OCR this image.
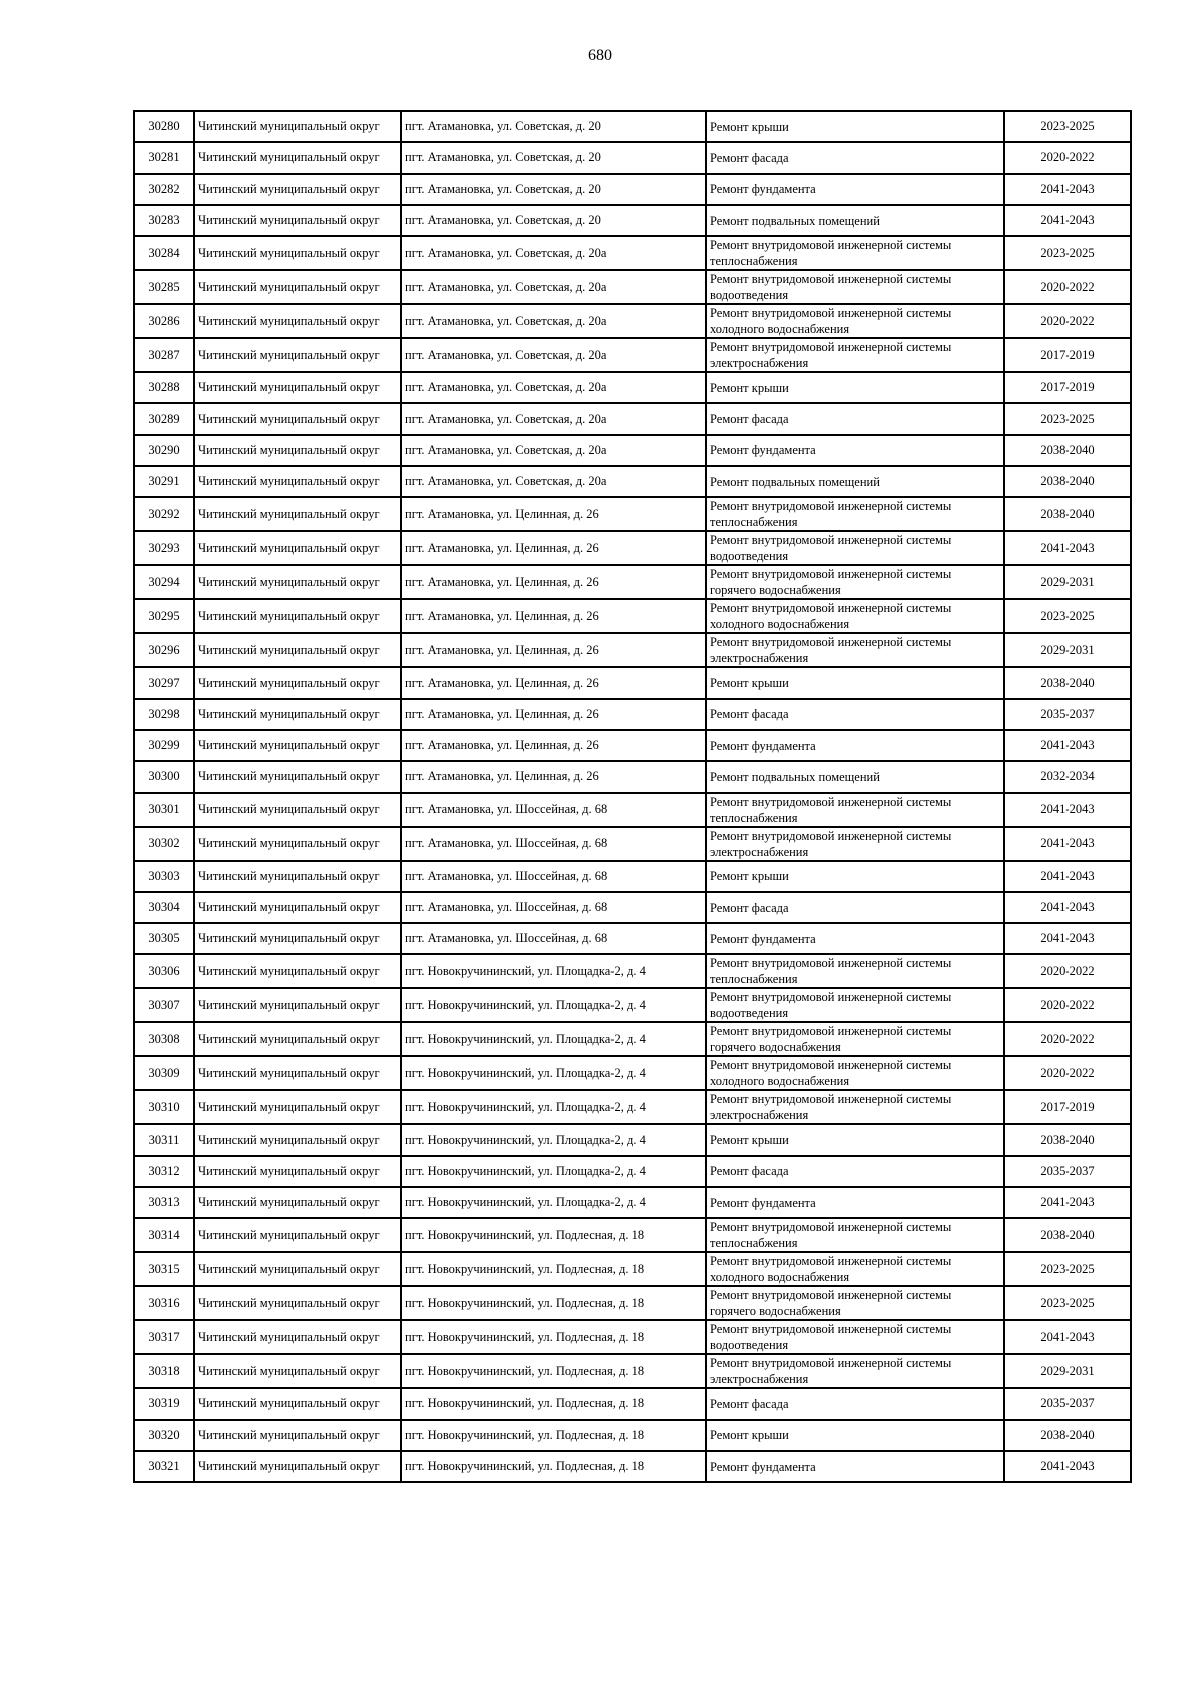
680
30280	Читинский муниципальный округ	пгт. Атамановка, ул. Советская, д. 20	Ремонт крыши	2023-2025
30281	Читинский муниципальный округ	пгт. Атамановка, ул. Советская, д. 20	Ремонт фасада	2020-2022
30282	Читинский муниципальный округ	пгт. Атамановка, ул. Советская, д. 20	Ремонт фундамента	2041-2043
30283	Читинский муниципальный округ	пгт. Атамановка, ул. Советская, д. 20	Ремонт подвальных помещений	2041-2043
30284	Читинский муниципальный округ	пгт. Атамановка, ул. Советская, д. 20а	Ремонт внутридомовой инженерной системы теплоснабжения	2023-2025
30285	Читинский муниципальный округ	пгт. Атамановка, ул. Советская, д. 20а	Ремонт внутридомовой инженерной системы водоотведения	2020-2022
30286	Читинский муниципальный округ	пгт. Атамановка, ул. Советская, д. 20а	Ремонт внутридомовой инженерной системы холодного водоснабжения	2020-2022
30287	Читинский муниципальный округ	пгт. Атамановка, ул. Советская, д. 20а	Ремонт внутридомовой инженерной системы электроснабжения	2017-2019
30288	Читинский муниципальный округ	пгт. Атамановка, ул. Советская, д. 20а	Ремонт крыши	2017-2019
30289	Читинский муниципальный округ	пгт. Атамановка, ул. Советская, д. 20а	Ремонт фасада	2023-2025
30290	Читинский муниципальный округ	пгт. Атамановка, ул. Советская, д. 20а	Ремонт фундамента	2038-2040
30291	Читинский муниципальный округ	пгт. Атамановка, ул. Советская, д. 20а	Ремонт подвальных помещений	2038-2040
30292	Читинский муниципальный округ	пгт. Атамановка, ул. Целинная, д. 26	Ремонт внутридомовой инженерной системы теплоснабжения	2038-2040
30293	Читинский муниципальный округ	пгт. Атамановка, ул. Целинная, д. 26	Ремонт внутридомовой инженерной системы водоотведения	2041-2043
30294	Читинский муниципальный округ	пгт. Атамановка, ул. Целинная, д. 26	Ремонт внутридомовой инженерной системы горячего водоснабжения	2029-2031
30295	Читинский муниципальный округ	пгт. Атамановка, ул. Целинная, д. 26	Ремонт внутридомовой инженерной системы холодного водоснабжения	2023-2025
30296	Читинский муниципальный округ	пгт. Атамановка, ул. Целинная, д. 26	Ремонт внутридомовой инженерной системы электроснабжения	2029-2031
30297	Читинский муниципальный округ	пгт. Атамановка, ул. Целинная, д. 26	Ремонт крыши	2038-2040
30298	Читинский муниципальный округ	пгт. Атамановка, ул. Целинная, д. 26	Ремонт фасада	2035-2037
30299	Читинский муниципальный округ	пгт. Атамановка, ул. Целинная, д. 26	Ремонт фундамента	2041-2043
30300	Читинский муниципальный округ	пгт. Атамановка, ул. Целинная, д. 26	Ремонт подвальных помещений	2032-2034
30301	Читинский муниципальный округ	пгт. Атамановка, ул. Шоссейная, д. 68	Ремонт внутридомовой инженерной системы теплоснабжения	2041-2043
30302	Читинский муниципальный округ	пгт. Атамановка, ул. Шоссейная, д. 68	Ремонт внутридомовой инженерной системы электроснабжения	2041-2043
30303	Читинский муниципальный округ	пгт. Атамановка, ул. Шоссейная, д. 68	Ремонт крыши	2041-2043
30304	Читинский муниципальный округ	пгт. Атамановка, ул. Шоссейная, д. 68	Ремонт фасада	2041-2043
30305	Читинский муниципальный округ	пгт. Атамановка, ул. Шоссейная, д. 68	Ремонт фундамента	2041-2043
30306	Читинский муниципальный округ	пгт. Новокручининский, ул. Площадка-2, д. 4	Ремонт внутридомовой инженерной системы теплоснабжения	2020-2022
30307	Читинский муниципальный округ	пгт. Новокручининский, ул. Площадка-2, д. 4	Ремонт внутридомовой инженерной системы водоотведения	2020-2022
30308	Читинский муниципальный округ	пгт. Новокручининский, ул. Площадка-2, д. 4	Ремонт внутридомовой инженерной системы горячего водоснабжения	2020-2022
30309	Читинский муниципальный округ	пгт. Новокручининский, ул. Площадка-2, д. 4	Ремонт внутридомовой инженерной системы холодного водоснабжения	2020-2022
30310	Читинский муниципальный округ	пгт. Новокручининский, ул. Площадка-2, д. 4	Ремонт внутридомовой инженерной системы электроснабжения	2017-2019
30311	Читинский муниципальный округ	пгт. Новокручининский, ул. Площадка-2, д. 4	Ремонт крыши	2038-2040
30312	Читинский муниципальный округ	пгт. Новокручининский, ул. Площадка-2, д. 4	Ремонт фасада	2035-2037
30313	Читинский муниципальный округ	пгт. Новокручининский, ул. Площадка-2, д. 4	Ремонт фундамента	2041-2043
30314	Читинский муниципальный округ	пгт. Новокручининский, ул. Подлесная, д. 18	Ремонт внутридомовой инженерной системы теплоснабжения	2038-2040
30315	Читинский муниципальный округ	пгт. Новокручининский, ул. Подлесная, д. 18	Ремонт внутридомовой инженерной системы холодного водоснабжения	2023-2025
30316	Читинский муниципальный округ	пгт. Новокручининский, ул. Подлесная, д. 18	Ремонт внутридомовой инженерной системы горячего водоснабжения	2023-2025
30317	Читинский муниципальный округ	пгт. Новокручининский, ул. Подлесная, д. 18	Ремонт внутридомовой инженерной системы водоотведения	2041-2043
30318	Читинский муниципальный округ	пгт. Новокручининский, ул. Подлесная, д. 18	Ремонт внутридомовой инженерной системы электроснабжения	2029-2031
30319	Читинский муниципальный округ	пгт. Новокручининский, ул. Подлесная, д. 18	Ремонт фасада	2035-2037
30320	Читинский муниципальный округ	пгт. Новокручининский, ул. Подлесная, д. 18	Ремонт крыши	2038-2040
30321	Читинский муниципальный округ	пгт. Новокручининский, ул. Подлесная, д. 18	Ремонт фундамента	2041-2043
